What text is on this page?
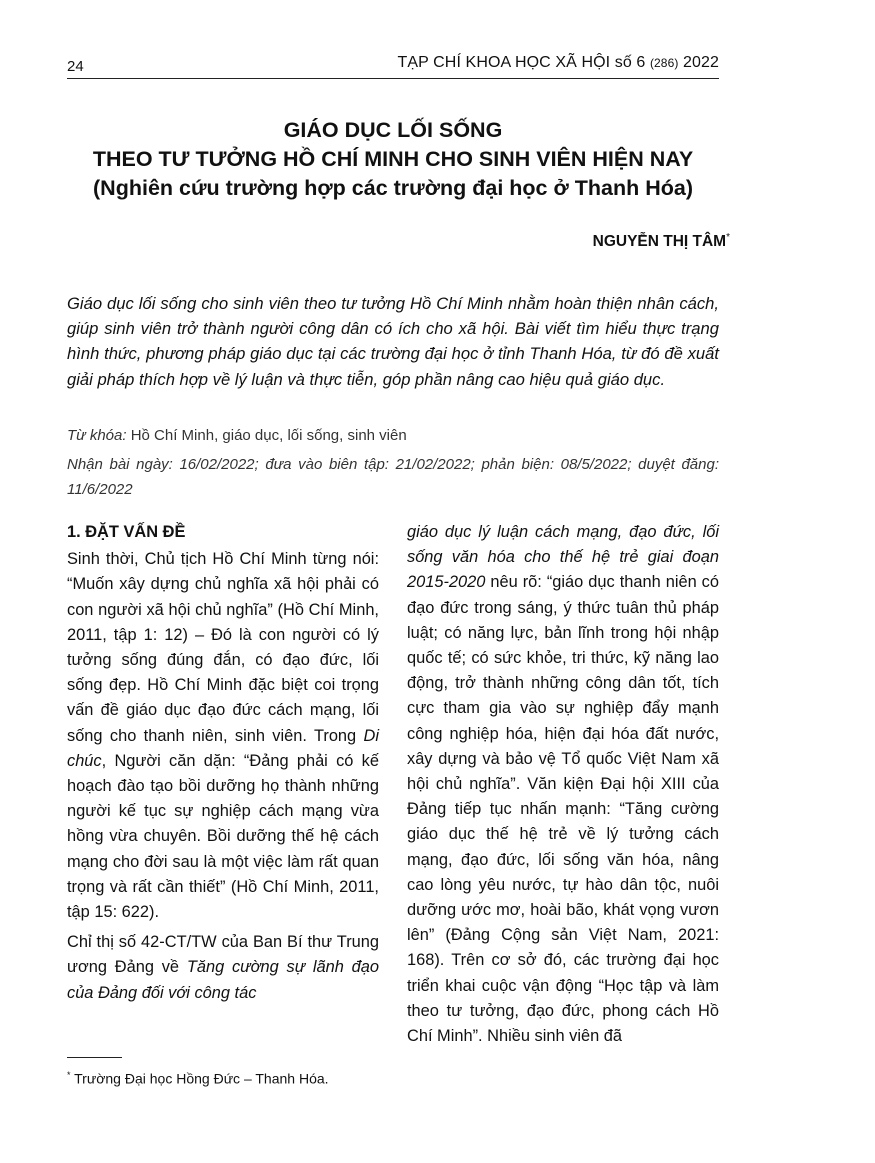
24	TẠP CHÍ KHOA HỌC XÃ HỘI số 6 (286) 2022
GIÁO DỤC LỐI SỐNG
THEO TƯ TƯỞNG HỒ CHÍ MINH CHO SINH VIÊN HIỆN NAY
(Nghiên cứu trường hợp các trường đại học ở Thanh Hóa)
NGUYỄN THỊ TÂM*
Giáo dục lối sống cho sinh viên theo tư tưởng Hồ Chí Minh nhằm hoàn thiện nhân cách, giúp sinh viên trở thành người công dân có ích cho xã hội. Bài viết tìm hiểu thực trạng hình thức, phương pháp giáo dục tại các trường đại học ở tỉnh Thanh Hóa, từ đó đề xuất giải pháp thích hợp về lý luận và thực tiễn, góp phần nâng cao hiệu quả giáo dục.
Từ khóa: Hồ Chí Minh, giáo dục, lối sống, sinh viên
Nhận bài ngày: 16/02/2022; đưa vào biên tập: 21/02/2022; phản biện: 08/5/2022; duyệt đăng: 11/6/2022

1. ĐẶT VẤN ĐỀ

Sinh thời, Chủ tịch Hồ Chí Minh từng nói: “Muốn xây dựng chủ nghĩa xã hội phải có con người xã hội chủ nghĩa” (Hồ Chí Minh, 2011, tập 1: 12) – Đó là con người có lý tưởng sống đúng đắn, có đạo đức, lối sống đẹp. Hồ Chí Minh đặc biệt coi trọng vấn đề giáo dục đạo đức cách mạng, lối sống cho thanh niên, sinh viên. Trong Di chúc, Người căn dặn: “Đảng phải có kế hoạch đào tạo bồi dưỡng họ thành những người kế tục sự nghiệp cách mạng vừa hồng vừa chuyên. Bồi dưỡng thế hệ cách mạng cho đời sau là một việc làm rất quan trọng và rất cần thiết” (Hồ Chí Minh, 2011, tập 15: 622).

Chỉ thị số 42-CT/TW của Ban Bí thư Trung ương Đảng về Tăng cường sự lãnh đạo của Đảng đối với công tác

giáo dục lý luận cách mạng, đạo đức, lối sống văn hóa cho thế hệ trẻ giai đoạn 2015-2020 nêu rõ: “giáo dục thanh niên có đạo đức trong sáng, ý thức tuân thủ pháp luật; có năng lực, bản lĩnh trong hội nhập quốc tế; có sức khỏe, tri thức, kỹ năng lao động, trở thành những công dân tốt, tích cực tham gia vào sự nghiệp đẩy mạnh công nghiệp hóa, hiện đại hóa đất nước, xây dựng và bảo vệ Tổ quốc Việt Nam xã hội chủ nghĩa”. Văn kiện Đại hội XIII của Đảng tiếp tục nhấn mạnh: “Tăng cường giáo dục thế hệ trẻ về lý tưởng cách mạng, đạo đức, lối sống văn hóa, nâng cao lòng yêu nước, tự hào dân tộc, nuôi dưỡng ước mơ, hoài bão, khát vọng vươn lên” (Đảng Cộng sản Việt Nam, 2021: 168). Trên cơ sở đó, các trường đại học triển khai cuộc vận động “Học tập và làm theo tư tưởng, đạo đức, phong cách Hồ Chí Minh”. Nhiều sinh viên đã

* Trường Đại học Hồng Đức – Thanh Hóa.
